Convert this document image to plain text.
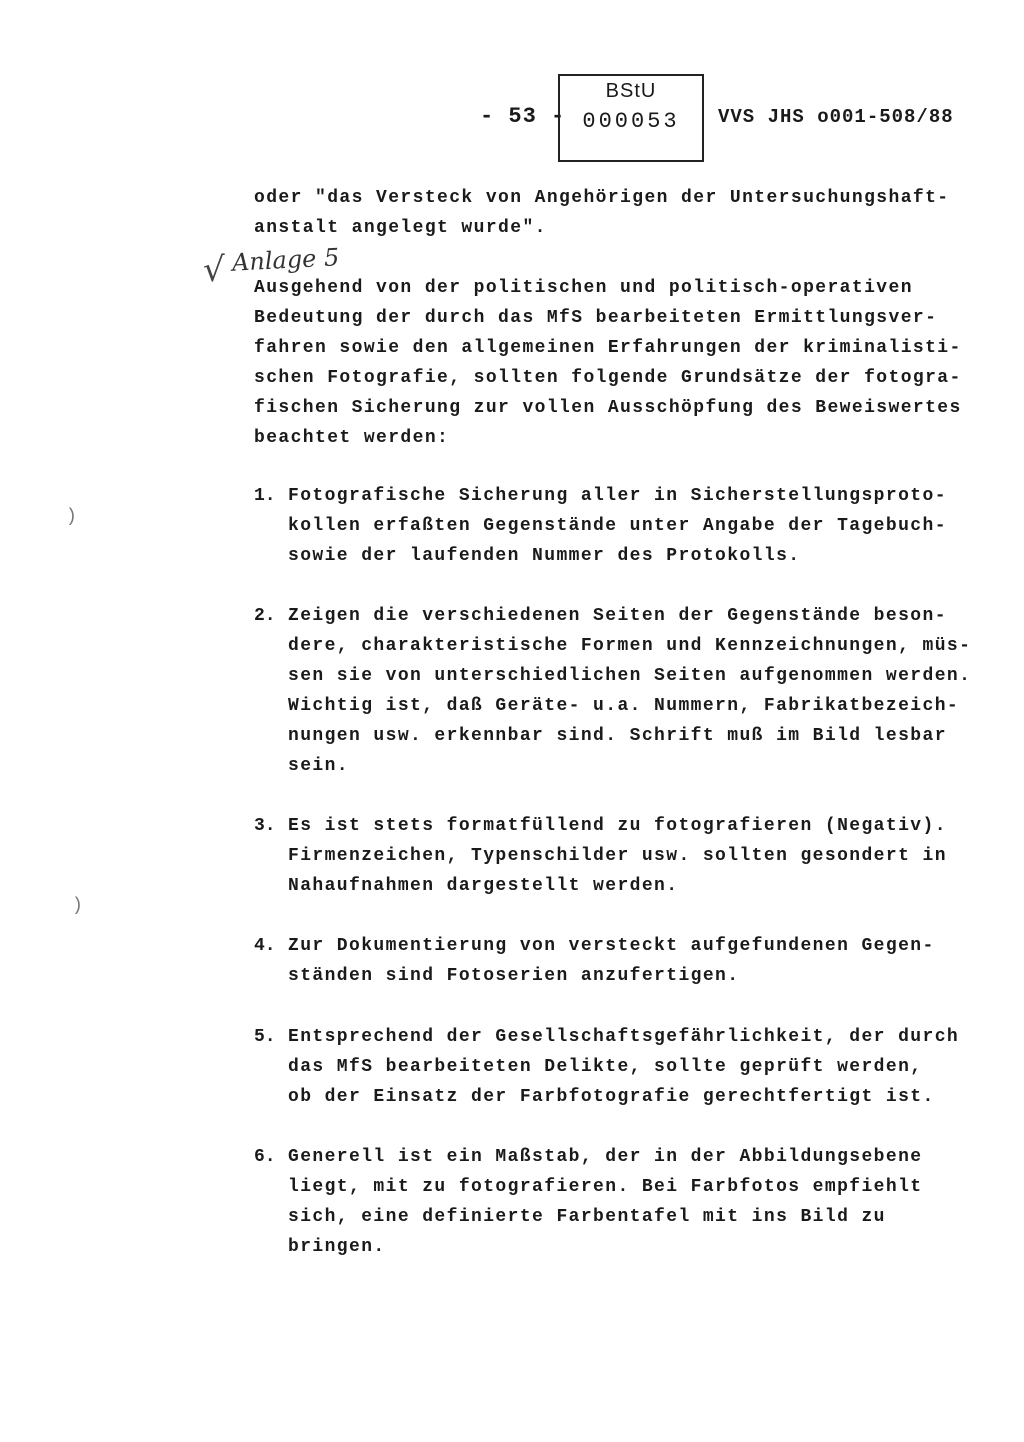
- 53 -
BStU
000053	VVS JHS o001-508/88

oder "das Versteck von Angehörigen der Untersuchungshaft-
anstalt angelegt wurde".

√ Anlage 5

Ausgehend von der politischen und politisch-operativen
Bedeutung der durch das MfS bearbeiteten Ermittlungsver-
fahren sowie den allgemeinen Erfahrungen der kriminalisti-
schen Fotografie, sollten folgende Grundsätze der fotogra-
fischen Sicherung zur vollen Ausschöpfung des Beweiswertes
beachtet werden:

1. Fotografische Sicherung aller in Sicherstellungsproto-
kollen erfaßten Gegenstände unter Angabe der Tagebuch-
sowie der laufenden Nummer des Protokolls.

2. Zeigen die verschiedenen Seiten der Gegenstände beson-
dere, charakteristische Formen und Kennzeichnungen, müs-
sen sie von unterschiedlichen Seiten aufgenommen werden.
Wichtig ist, daß Geräte- u.a. Nummern, Fabrikatbezeich-
nungen usw. erkennbar sind. Schrift muß im Bild lesbar
sein.

3. Es ist stets formatfüllend zu fotografieren (Negativ).
Firmenzeichen, Typenschilder usw. sollten gesondert in
Nahaufnahmen dargestellt werden.

4. Zur Dokumentierung von versteckt aufgefundenen Gegen-
ständen sind Fotoserien anzufertigen.

5. Entsprechend der Gesellschaftsgefährlichkeit, der durch
das MfS bearbeiteten Delikte, sollte geprüft werden,
ob der Einsatz der Farbfotografie gerechtfertigt ist.

6. Generell ist ein Maßstab, der in der Abbildungsebene
liegt, mit zu fotografieren. Bei Farbfotos empfiehlt
sich, eine definierte Farbentafel mit ins Bild zu
bringen.

)
)
